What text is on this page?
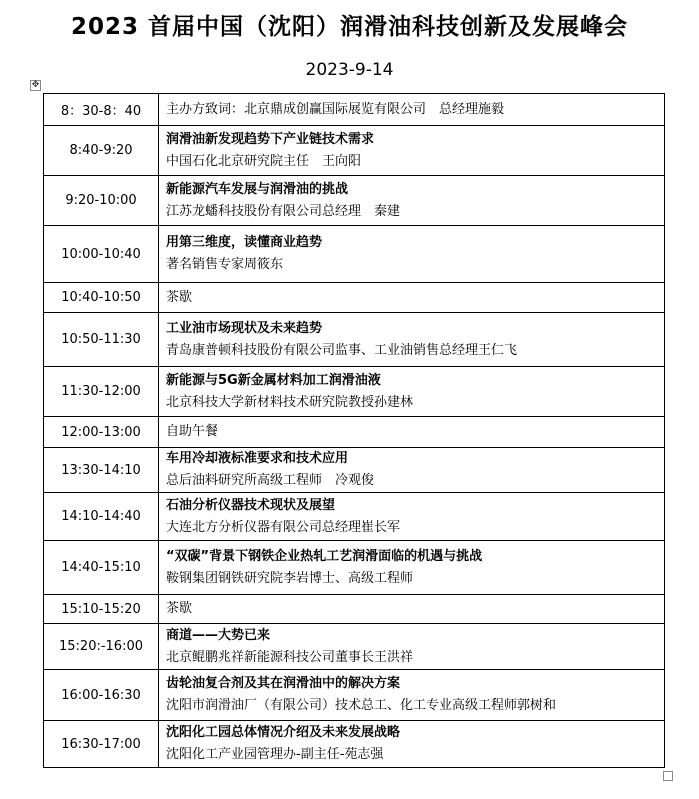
2023 首届中国（沈阳）润滑油科技创新及发展峰会
2023-9-14
✥
8：30-8：40	主办方致词：北京鼎成创赢国际展览有限公司　总经理施毅

8:40-9:20	润滑油新发现趋势下产业链技术需求
中国石化北京研究院主任　王向阳

9:20-10:00	新能源汽车发展与润滑油的挑战
江苏龙蟠科技股份有限公司总经理　秦建

10:00-10:40	用第三维度，读懂商业趋势
著名销售专家周筱东

10:40-10:50	茶歇

10:50-11:30	工业油市场现状及未来趋势
青岛康普顿科技股份有限公司监事、工业油销售总经理王仁飞

11:30-12:00	新能源与5G新金属材料加工润滑油液
北京科技大学新材料技术研究院教授孙建林

12:00-13:00	自助午餐

13:30-14:10	车用冷却液标准要求和技术应用
总后油料研究所高级工程师　冷观俊

14:10-14:40	石油分析仪器技术现状及展望
大连北方分析仪器有限公司总经理崔长军

14:40-15:10	“双碳”背景下钢铁企业热轧工艺润滑面临的机遇与挑战
鞍钢集团钢铁研究院李岩博士、高级工程师

15:10-15:20	茶歇

15:20:-16:00	商道——大势已来
北京鲲鹏兆祥新能源科技公司董事长王洪祥

16:00-16:30	齿轮油复合剂及其在润滑油中的解决方案
沈阳市润滑油厂（有限公司）技术总工、化工专业高级工程师郭树和

16:30-17:00	沈阳化工园总体情况介绍及未来发展战略
沈阳化工产业园管理办-副主任-苑志强
